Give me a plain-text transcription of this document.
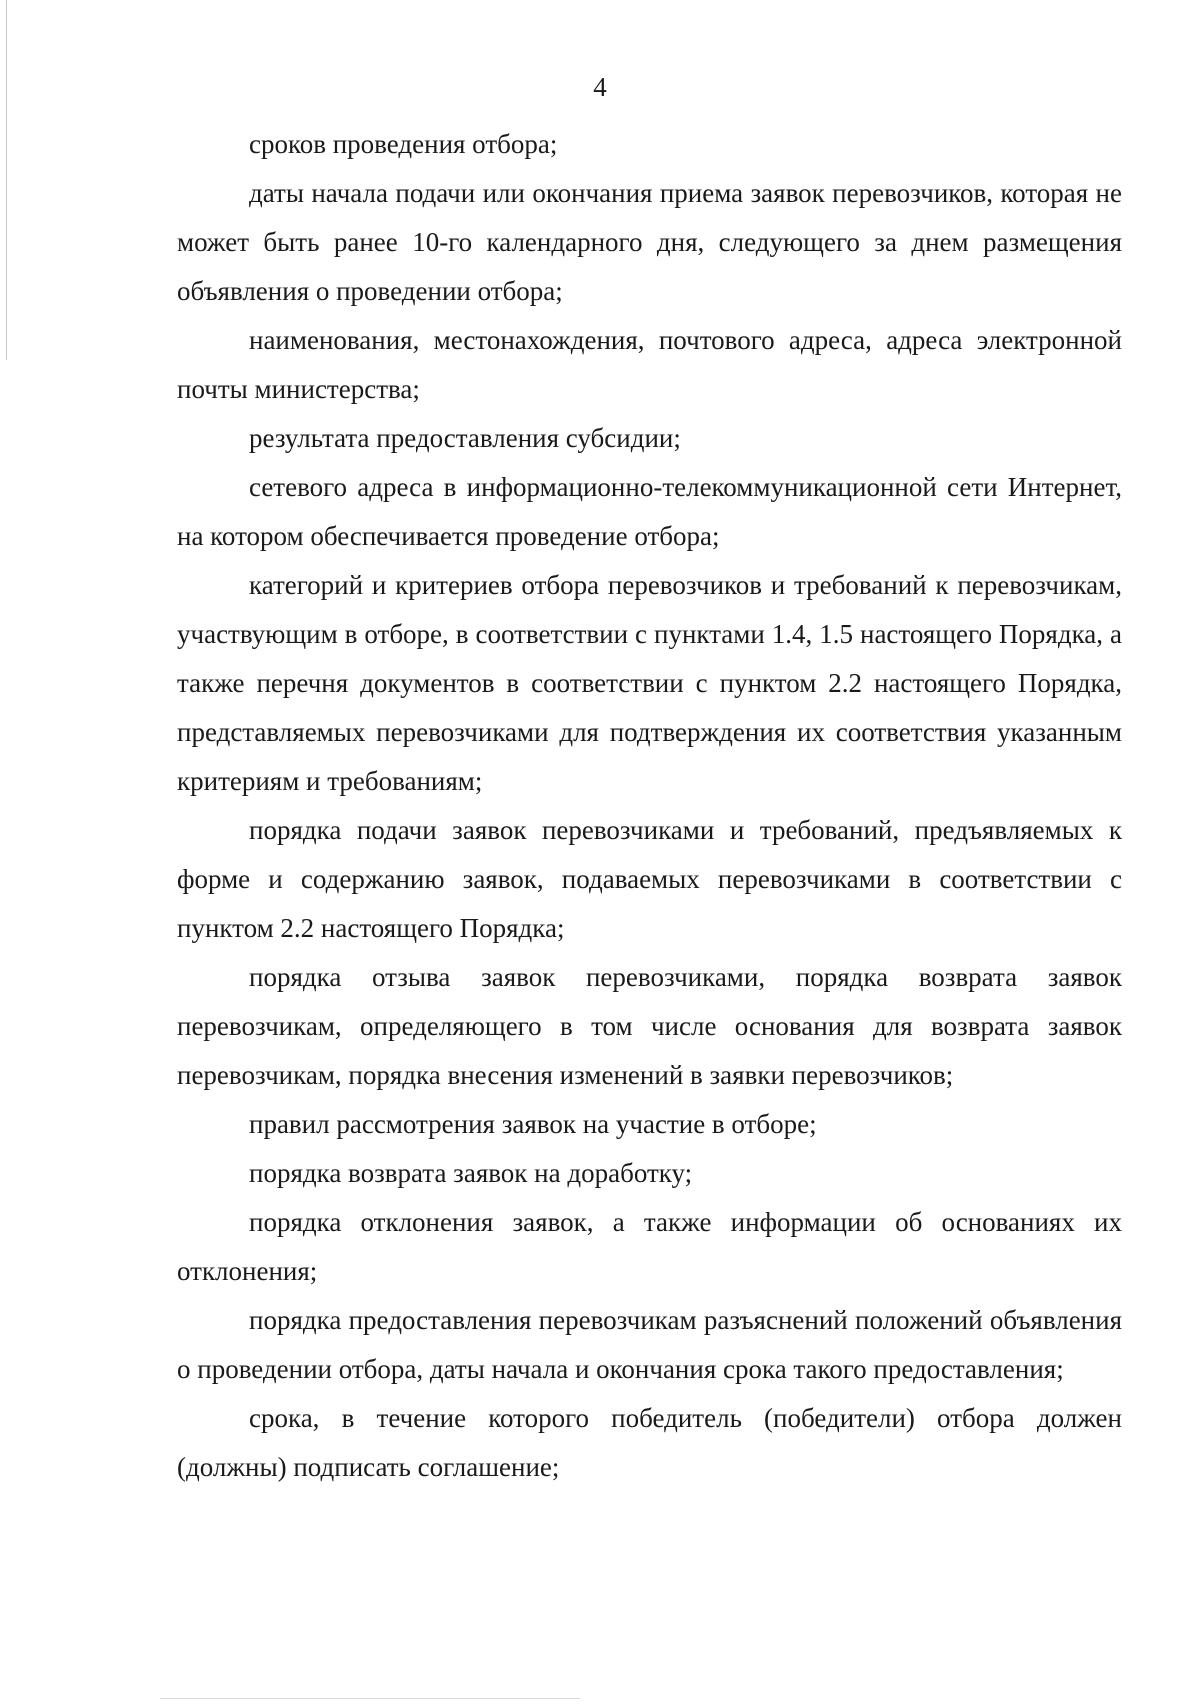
4

сроков проведения отбора;

даты начала подачи или окончания приема заявок перевозчиков, которая не может быть ранее 10-го календарного дня, следующего за днем размещения объявления о проведении отбора;

наименования, местонахождения, почтового адреса, адреса электронной почты министерства;

результата предоставления субсидии;

сетевого адреса в информационно-телекоммуникационной сети Интернет, на котором обеспечивается проведение отбора;

категорий и критериев отбора перевозчиков и требований к перевозчикам, участвующим в отборе, в соответствии с пунктами 1.4, 1.5 настоящего Порядка, а также перечня документов в соответствии с пунктом 2.2 настоящего Порядка, представляемых перевозчиками для подтверждения их соответствия указанным критериям и требованиям;

порядка подачи заявок перевозчиками и требований, предъявляемых к форме и содержанию заявок, подаваемых перевозчиками в соответствии с пунктом 2.2 настоящего Порядка;

порядка отзыва заявок перевозчиками, порядка возврата заявок перевозчикам, определяющего в том числе основания для возврата заявок перевозчикам, порядка внесения изменений в заявки перевозчиков;

правил рассмотрения заявок на участие в отборе;

порядка возврата заявок на доработку;

порядка отклонения заявок, а также информации об основаниях их отклонения;

порядка предоставления перевозчикам разъяснений положений объявления о проведении отбора, даты начала и окончания срока такого предоставления;

срока, в течение которого победитель (победители) отбора должен (должны) подписать соглашение;
